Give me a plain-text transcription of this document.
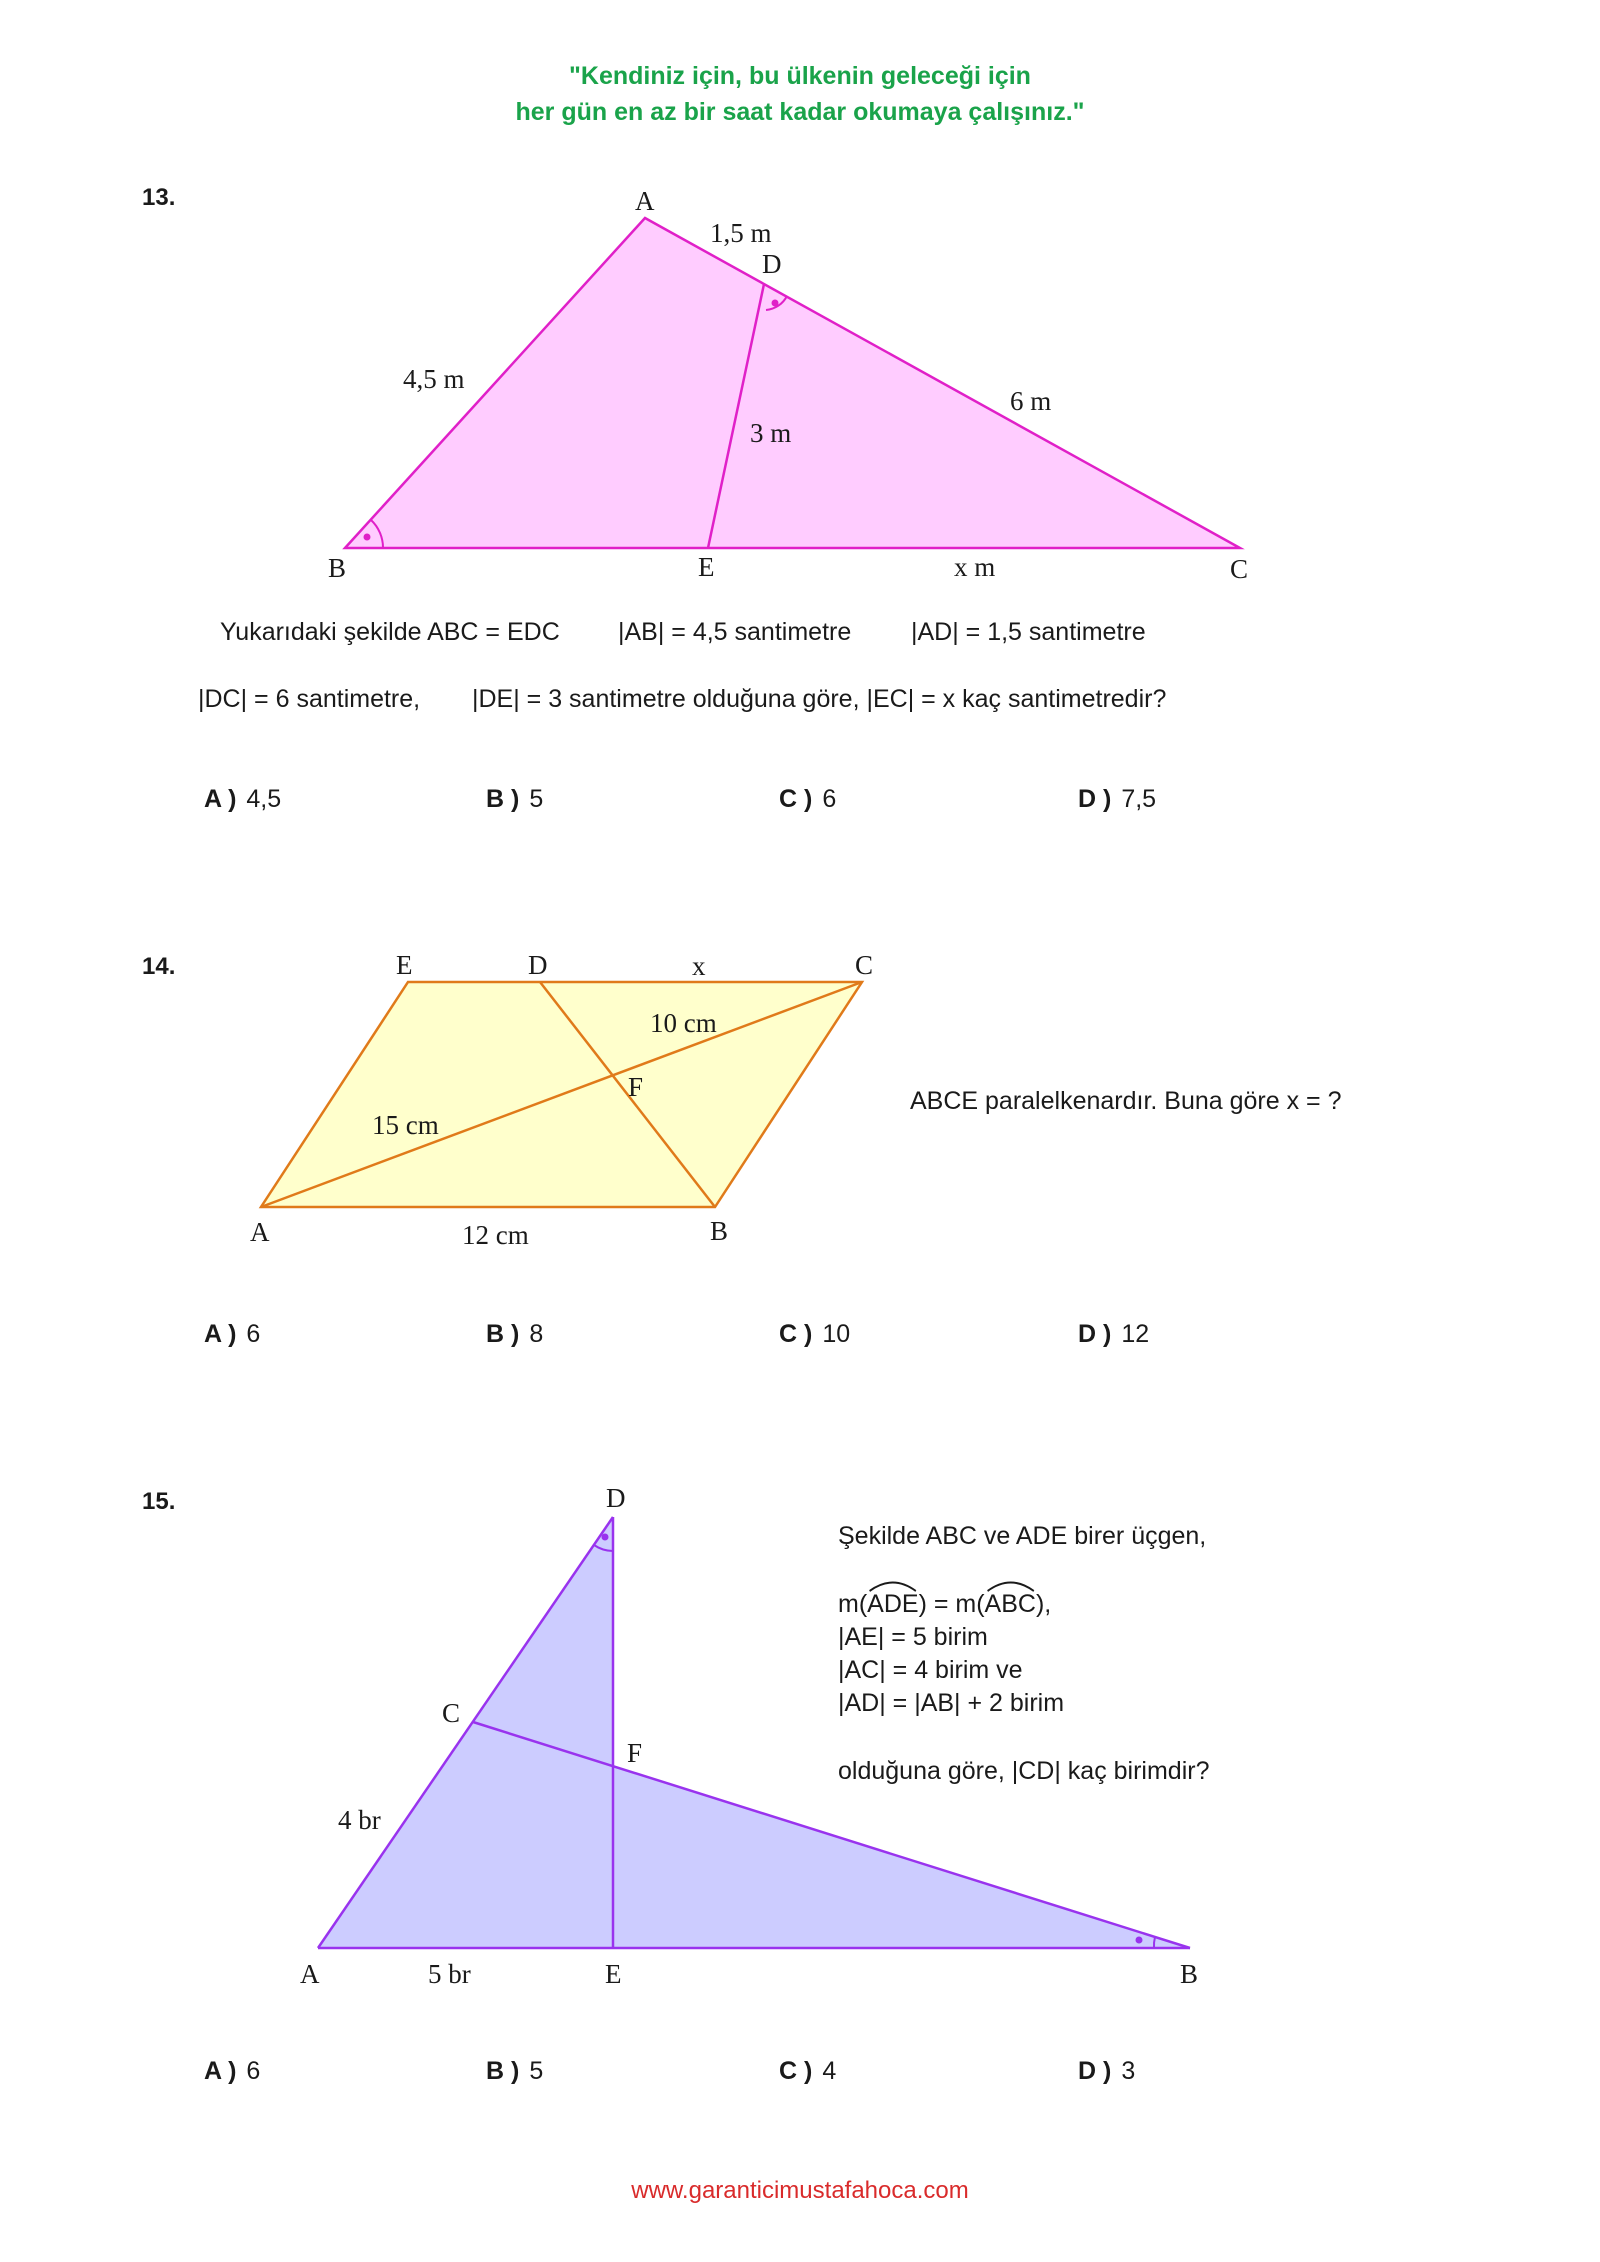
"Kendiniz için, bu ülkenin geleceği için
her gün en az bir saat kadar okumaya çalışınız."
13.	A
B	C
D
E
1,5 m
4,5 m
3 m
6 m
x m
Yukarıdaki şekilde ABC = EDC |AB| = 4,5 santimetre |AD| = 1,5 santimetre
|DC| = 6 santimetre, |DE| = 3 santimetre olduğuna göre, |EC| = x kaç santimetredir?
A ) 4,5	B ) 5	C ) 6	D ) 7,5
14.
A	B
C
D
E
F
x
10 cm
15 cm
12 cm
ABCE paralelkenardır. Buna göre x = ?
A ) 6	B ) 8	C ) 10	D ) 12
15.
A	B
C
D
E
F
4 br
5 br
Şekilde ABC ve ADE birer üçgen,
m(
ADE) = m(
ABC),
|AE| = 5 birim
|AC| = 4 birim ve
|AD| = |AB| + 2 birim
olduğuna göre, |CD| kaç birimdir?
A ) 6	B ) 5	C ) 4	D ) 3
www.garanticimustafahoca.com
